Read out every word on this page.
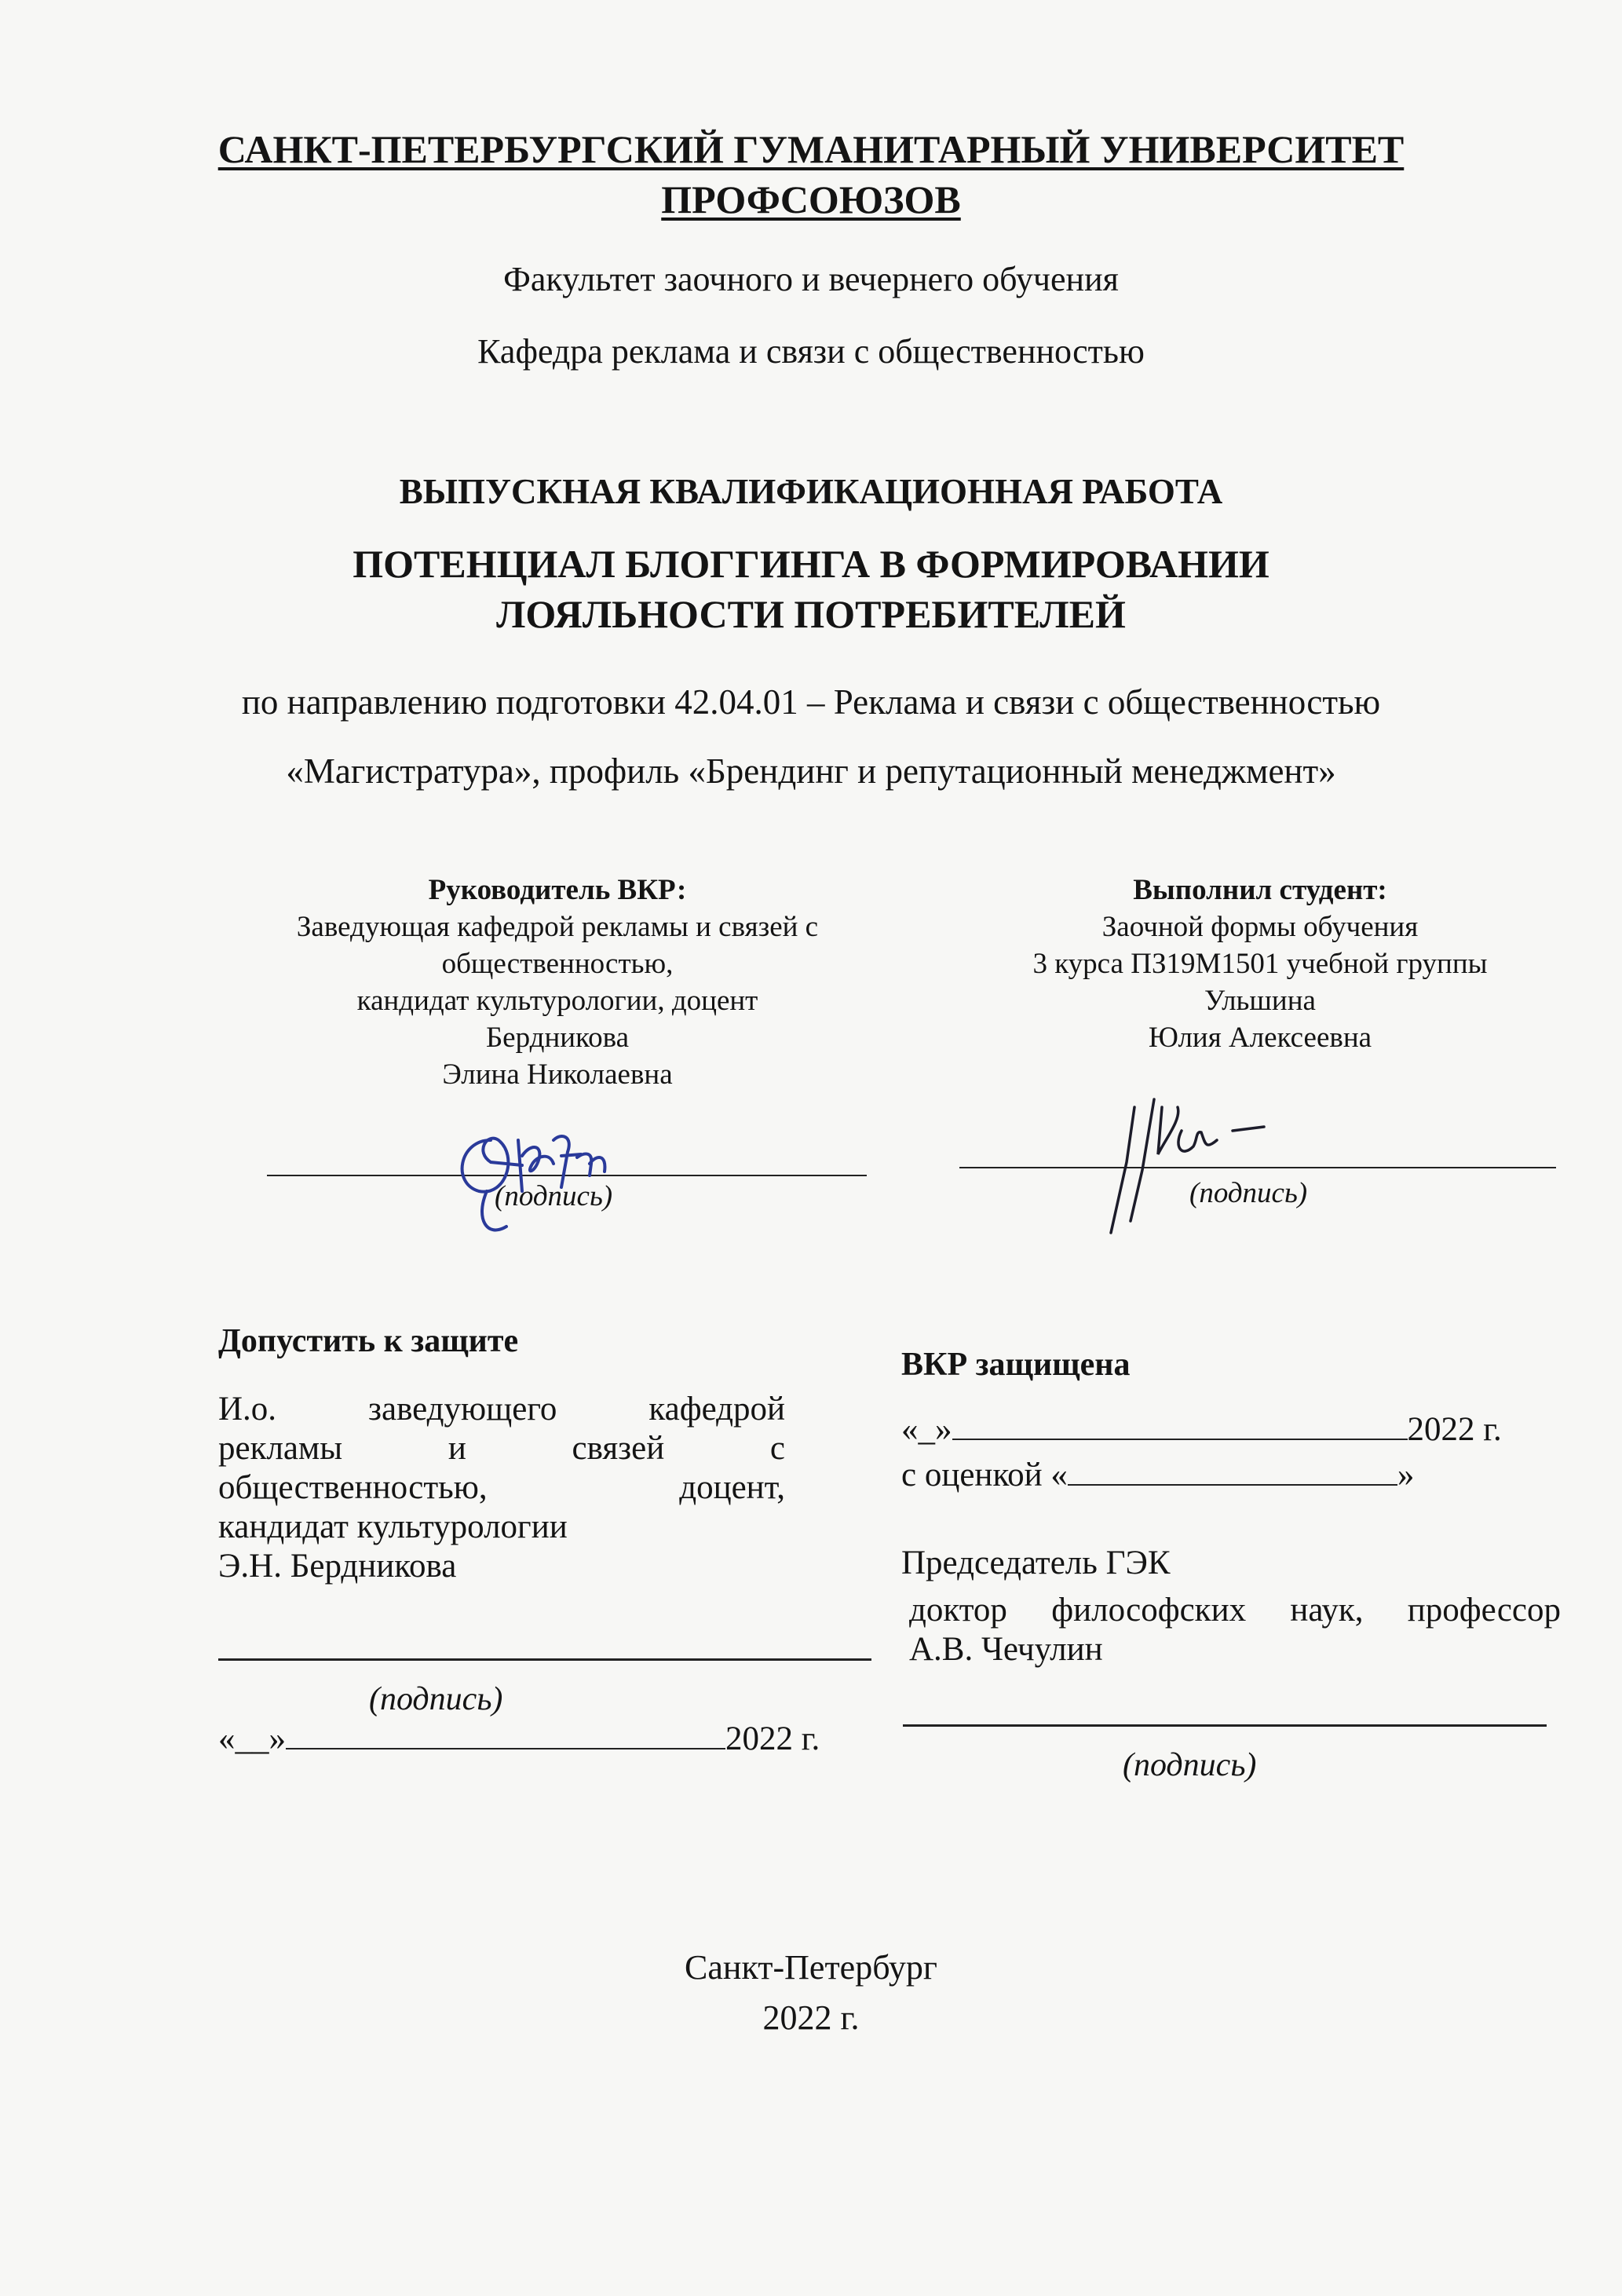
САНКТ-ПЕТЕРБУРГСКИЙ ГУМАНИТАРНЫЙ УНИВЕРСИТЕТ
ПРОФСОЮЗОВ
Факультет заочного и вечернего обучения
Кафедра реклама и связи с общественностью
ВЫПУСКНАЯ КВАЛИФИКАЦИОННАЯ РАБОТА
ПОТЕНЦИАЛ БЛОГГИНГА В ФОРМИРОВАНИИ
ЛОЯЛЬНОСТИ ПОТРЕБИТЕЛЕЙ
по направлению подготовки 42.04.01 – Реклама и связи с общественностью
«Магистратура», профиль «Брендинг и репутационный менеджмент»
Руководитель ВКР:
Заведующая кафедрой рекламы и связей с
общественностью,
кандидат культурологии, доцент
Бердникова
Элина Николаевна
Выполнил студент:
Заочной формы обучения
3 курса ПЗ19М1501 учебной группы
Ульшина
Юлия Алексеевна
(подпись)	(подпись)
Допустить к защите
И.о. заведующего кафедрой
рекламы и связей с
общественностью, доцент,
кандидат культурологии
Э.Н. Бердникова
(подпись)
«__»	2022 г.
ВКР защищена
«_»	2022 г.
с оценкой «	»
Председатель ГЭК
доктор философских наук, профессор
А.В. Чечулин
(подпись)
Санкт-Петербург
2022 г.
